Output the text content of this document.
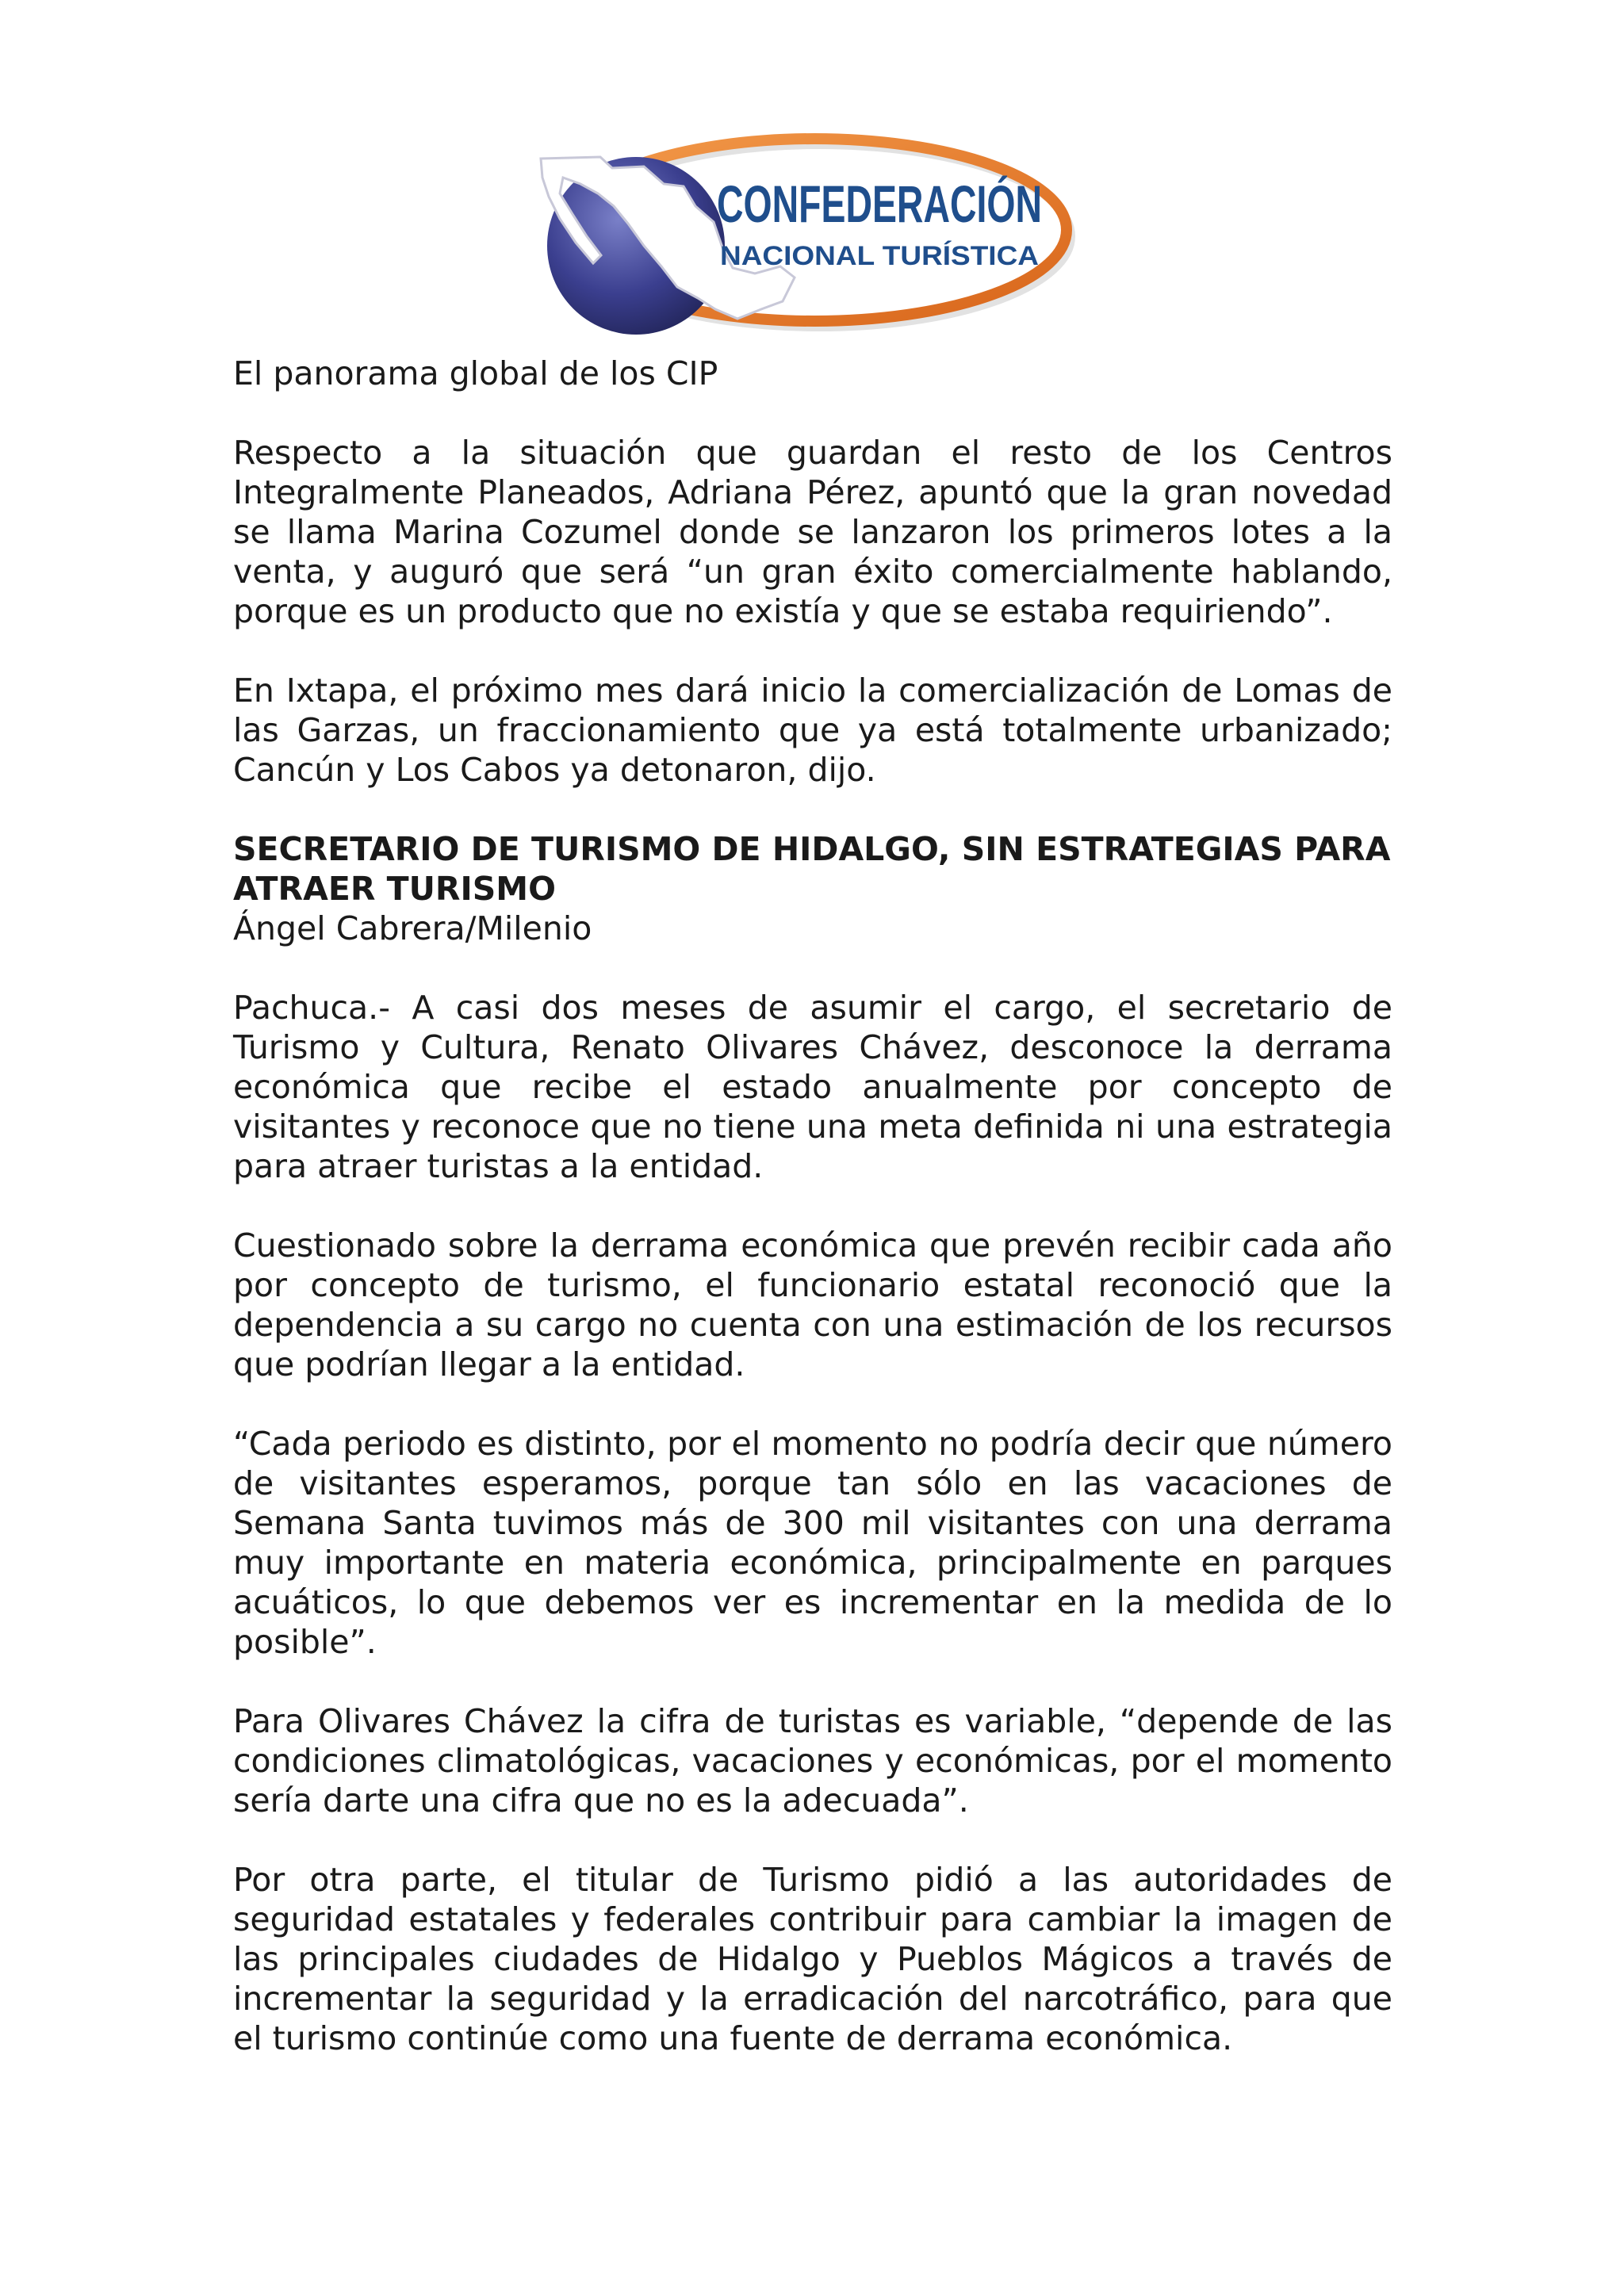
CONFEDERACIÓN
NACIONAL TURÍSTICA
El panorama global de los CIP

Respecto a la situación que guardan el resto de los Centros Integralmente Planeados, Adriana Pérez, apuntó que la gran novedad se llama Marina Cozumel donde se lanzaron los primeros lotes a la venta, y auguró que será “un gran éxito comercialmente hablando, porque es un producto que no existía y que se estaba requiriendo”.

En Ixtapa, el próximo mes dará inicio la comercialización de Lomas de las Garzas, un fraccionamiento que ya está totalmente urbanizado; Cancún y Los Cabos ya detonaron, dijo.

SECRETARIO DE TURISMO DE HIDALGO, SIN ESTRATEGIAS PARA ATRAER TURISMO
Ángel Cabrera/Milenio

Pachuca.- A casi dos meses de asumir el cargo, el secretario de Turismo y Cultura, Renato Olivares Chávez, desconoce la derrama económica que recibe el estado anualmente por concepto de visitantes y reconoce que no tiene una meta definida ni una estrategia para atraer turistas a la entidad.

Cuestionado sobre la derrama económica que prevén recibir cada año por concepto de turismo, el funcionario estatal reconoció que la dependencia a su cargo no cuenta con una estimación de los recursos que podrían llegar a la entidad.

“Cada periodo es distinto, por el momento no podría decir que número de visitantes esperamos, porque tan sólo en las vacaciones de Semana Santa tuvimos más de 300 mil visitantes con una derrama muy importante en materia económica, principalmente en parques acuáticos, lo que debemos ver es incrementar en la medida de lo posible”.

Para Olivares Chávez la cifra de turistas es variable, “depende de las condiciones climatológicas, vacaciones y económicas, por el momento sería darte una cifra que no es la adecuada”.

Por otra parte, el titular de Turismo pidió a las autoridades de seguridad estatales y federales contribuir para cambiar la imagen de las principales ciudades de Hidalgo y Pueblos Mágicos a través de incrementar la seguridad y la erradicación del narcotráfico, para que el turismo continúe como una fuente de derrama económica.
